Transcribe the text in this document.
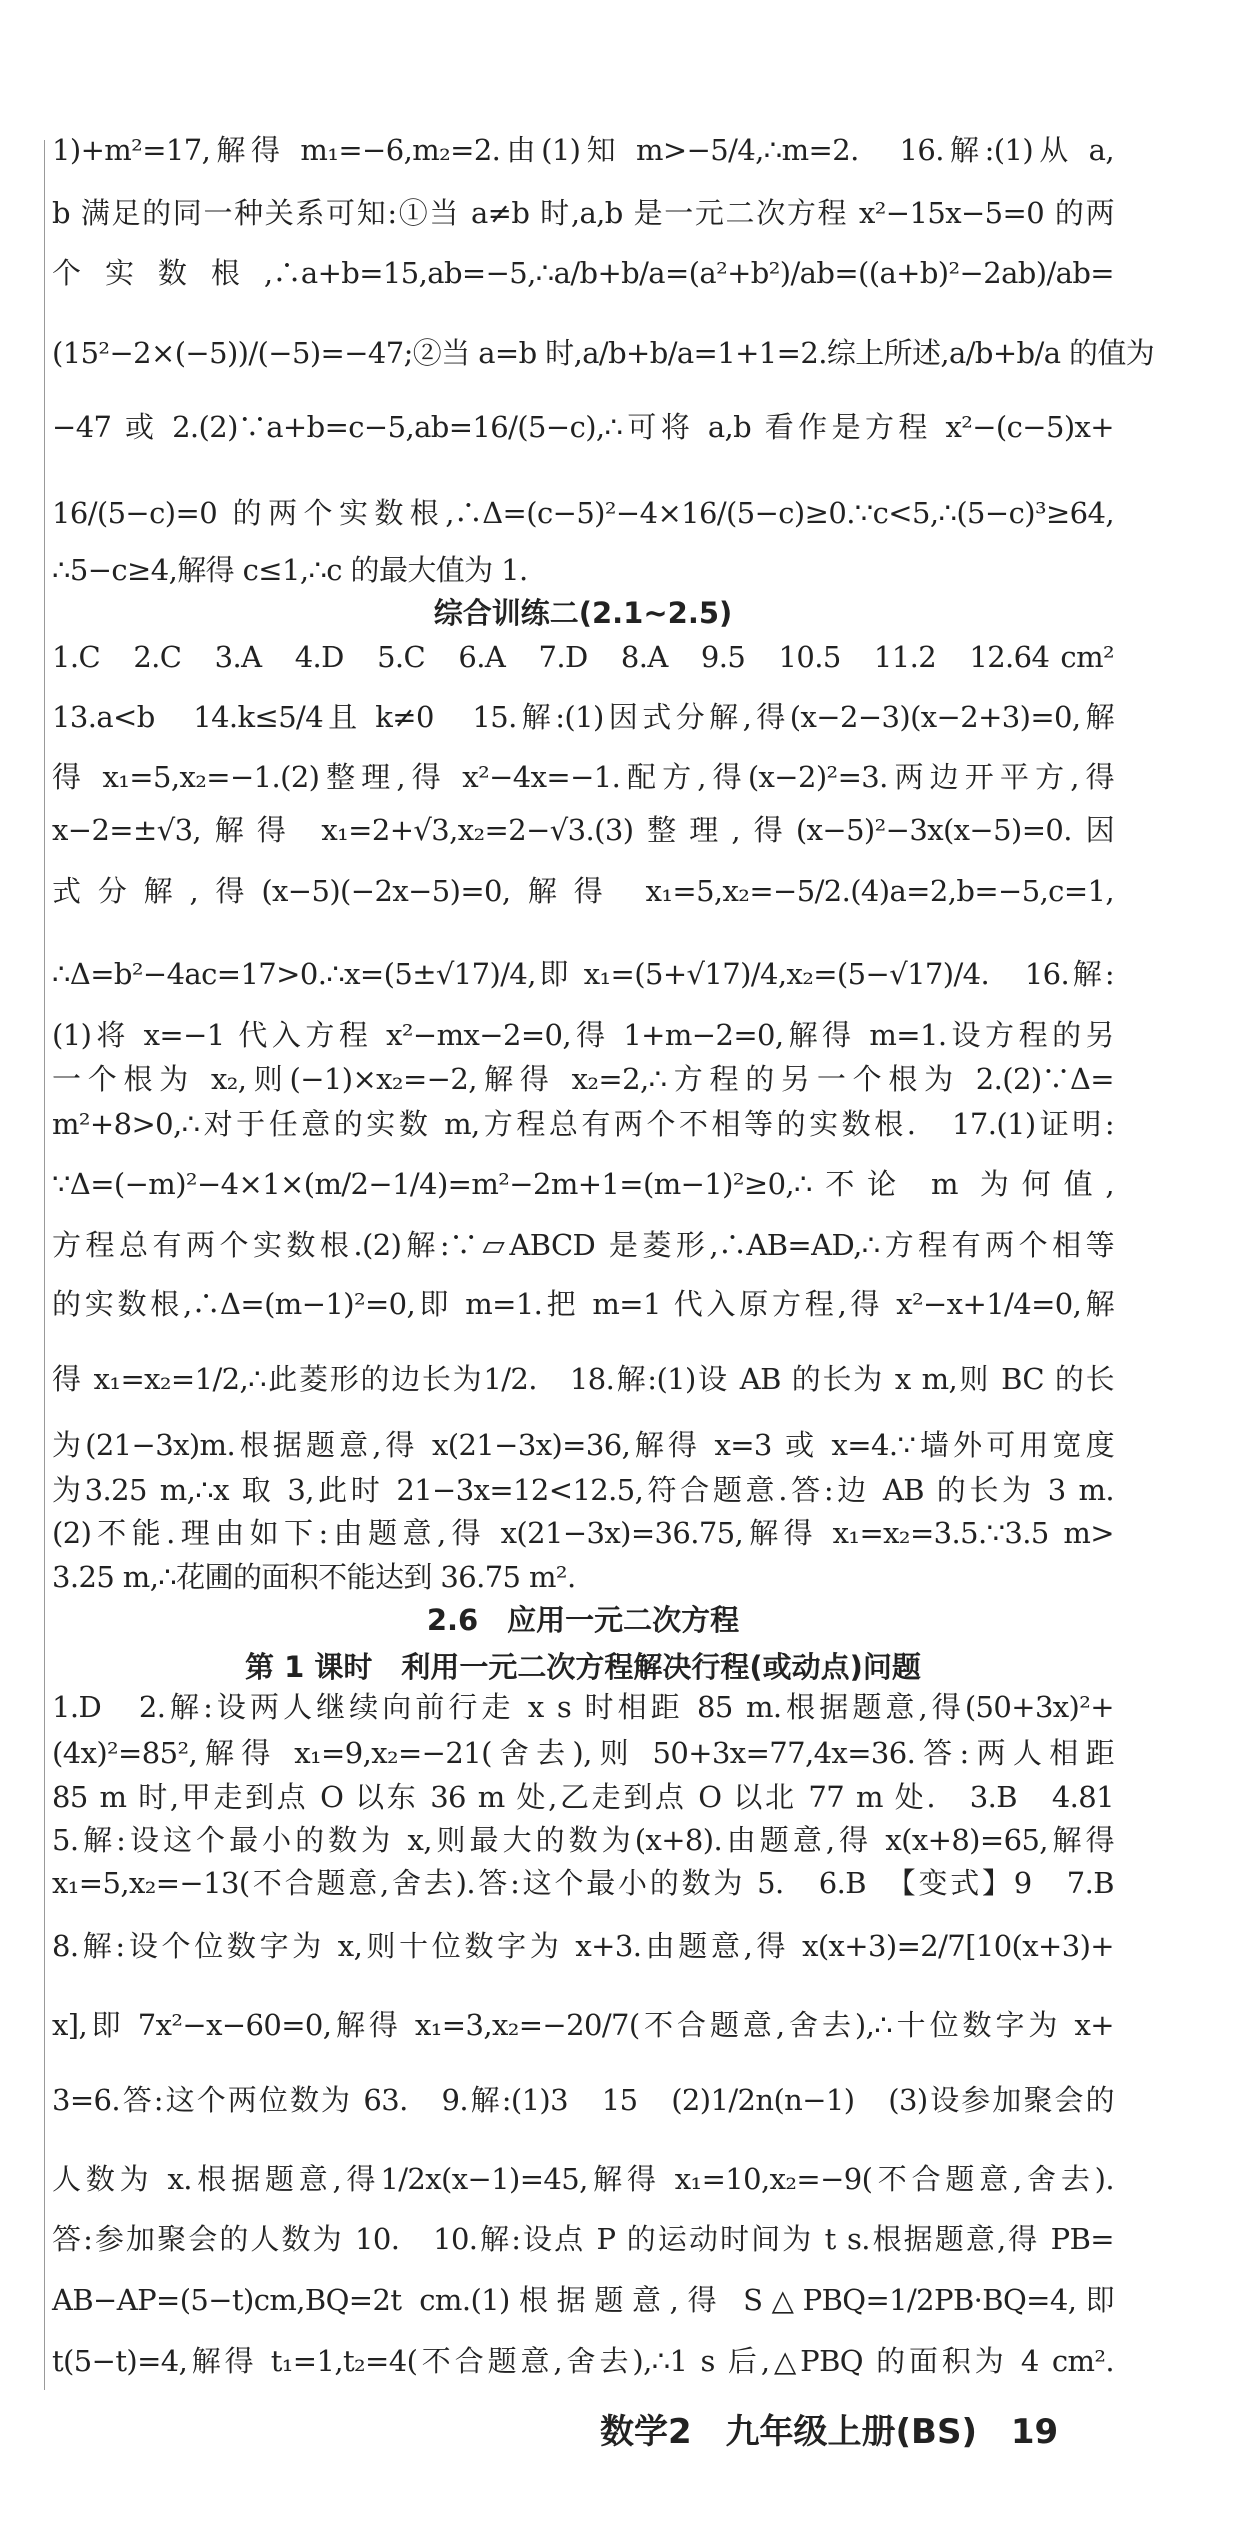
1)+m²=17,解得 m₁=−6,m₂=2.由(1)知 m>−5/4,∴m=2.　16.解:(1)从 a,
b 满足的同一种关系可知:①当 a≠b 时,a,b 是一元二次方程 x²−15x−5=0 的两
个实数根,∴a+b=15,ab=−5,∴a/b+b/a=(a²+b²)/ab=((a+b)²−2ab)/ab=
(15²−2×(−5))/(−5)=−47;②当 a=b 时,a/b+b/a=1+1=2.综上所述,a/b+b/a 的值为
−47 或 2.(2)∵a+b=c−5,ab=16/(5−c),∴可将 a,b 看作是方程 x²−(c−5)x+
16/(5−c)=0 的两个实数根,∴Δ=(c−5)²−4×16/(5−c)≥0.∵c<5,∴(5−c)³≥64,
∴5−c≥4,解得 c≤1,∴c 的最大值为 1.
1.C　2.C　3.A　4.D　5.C　6.A　7.D　8.A　9.5　10.5　11.2　12.64 cm²
13.a<b　14.k≤5/4且 k≠0　15.解:(1)因式分解,得(x−2−3)(x−2+3)=0,解
得 x₁=5,x₂=−1.(2)整理,得 x²−4x=−1.配方,得(x−2)²=3.两边开平方,得
x−2=±√3,解得 x₁=2+√3,x₂=2−√3.(3)整理,得(x−5)²−3x(x−5)=0.因
式分解,得(x−5)(−2x−5)=0,解得 x₁=5,x₂=−5/2.(4)a=2,b=−5,c=1,
∴Δ=b²−4ac=17>0.∴x=(5±√17)/4,即 x₁=(5+√17)/4,x₂=(5−√17)/4.　16.解:
(1)将 x=−1 代入方程 x²−mx−2=0,得 1+m−2=0,解得 m=1.设方程的另
一个根为 x₂,则(−1)×x₂=−2,解得 x₂=2,∴方程的另一个根为 2.(2)∵Δ=
m²+8>0,∴对于任意的实数 m,方程总有两个不相等的实数根.　17.(1)证明:
∵Δ=(−m)²−4×1×(m/2−1/4)=m²−2m+1=(m−1)²≥0,∴不论 m 为何值,
方程总有两个实数根.(2)解:∵▱ABCD 是菱形,∴AB=AD,∴方程有两个相等
的实数根,∴Δ=(m−1)²=0,即 m=1.把 m=1 代入原方程,得 x²−x+1/4=0,解
得 x₁=x₂=1/2,∴此菱形的边长为1/2.　18.解:(1)设 AB 的长为 x m,则 BC 的长
为(21−3x)m.根据题意,得 x(21−3x)=36,解得 x=3 或 x=4.∵墙外可用宽度
为3.25 m,∴x 取 3,此时 21−3x=12<12.5,符合题意.答:边 AB 的长为 3 m.
(2)不能.理由如下:由题意,得 x(21−3x)=36.75,解得 x₁=x₂=3.5.∵3.5 m>
3.25 m,∴花圃的面积不能达到 36.75 m².
1.D　2.解:设两人继续向前行走 x s 时相距 85 m.根据题意,得(50+3x)²+
(4x)²=85²,解得 x₁=9,x₂=−21(舍去),则 50+3x=77,4x=36.答:两人相距
85 m 时,甲走到点 O 以东 36 m 处,乙走到点 O 以北 77 m 处.　3.B　4.81
5.解:设这个最小的数为 x,则最大的数为(x+8).由题意,得 x(x+8)=65,解得
x₁=5,x₂=−13(不合题意,舍去).答:这个最小的数为 5.　6.B　【变式】9　7.B
8.解:设个位数字为 x,则十位数字为 x+3.由题意,得 x(x+3)=2/7[10(x+3)+
x],即 7x²−x−60=0,解得 x₁=3,x₂=−20/7(不合题意,舍去),∴十位数字为 x+
3=6.答:这个两位数为 63.　9.解:(1)3　15　(2)1/2n(n−1)　(3)设参加聚会的
人数为 x.根据题意,得1/2x(x−1)=45,解得 x₁=10,x₂=−9(不合题意,舍去).
答:参加聚会的人数为 10.　10.解:设点 P 的运动时间为 t s.根据题意,得 PB=
AB−AP=(5−t)cm,BQ=2t cm.(1)根据题意,得 S△PBQ=1/2PB·BQ=4,即
t(5−t)=4,解得 t₁=1,t₂=4(不合题意,舍去),∴1 s 后,△PBQ 的面积为 4 cm².
综合训练二(2.1~2.5)
2.6　应用一元二次方程
第 1 课时　利用一元二次方程解决行程(或动点)问题
数学2 九年级上册(BS) 19
